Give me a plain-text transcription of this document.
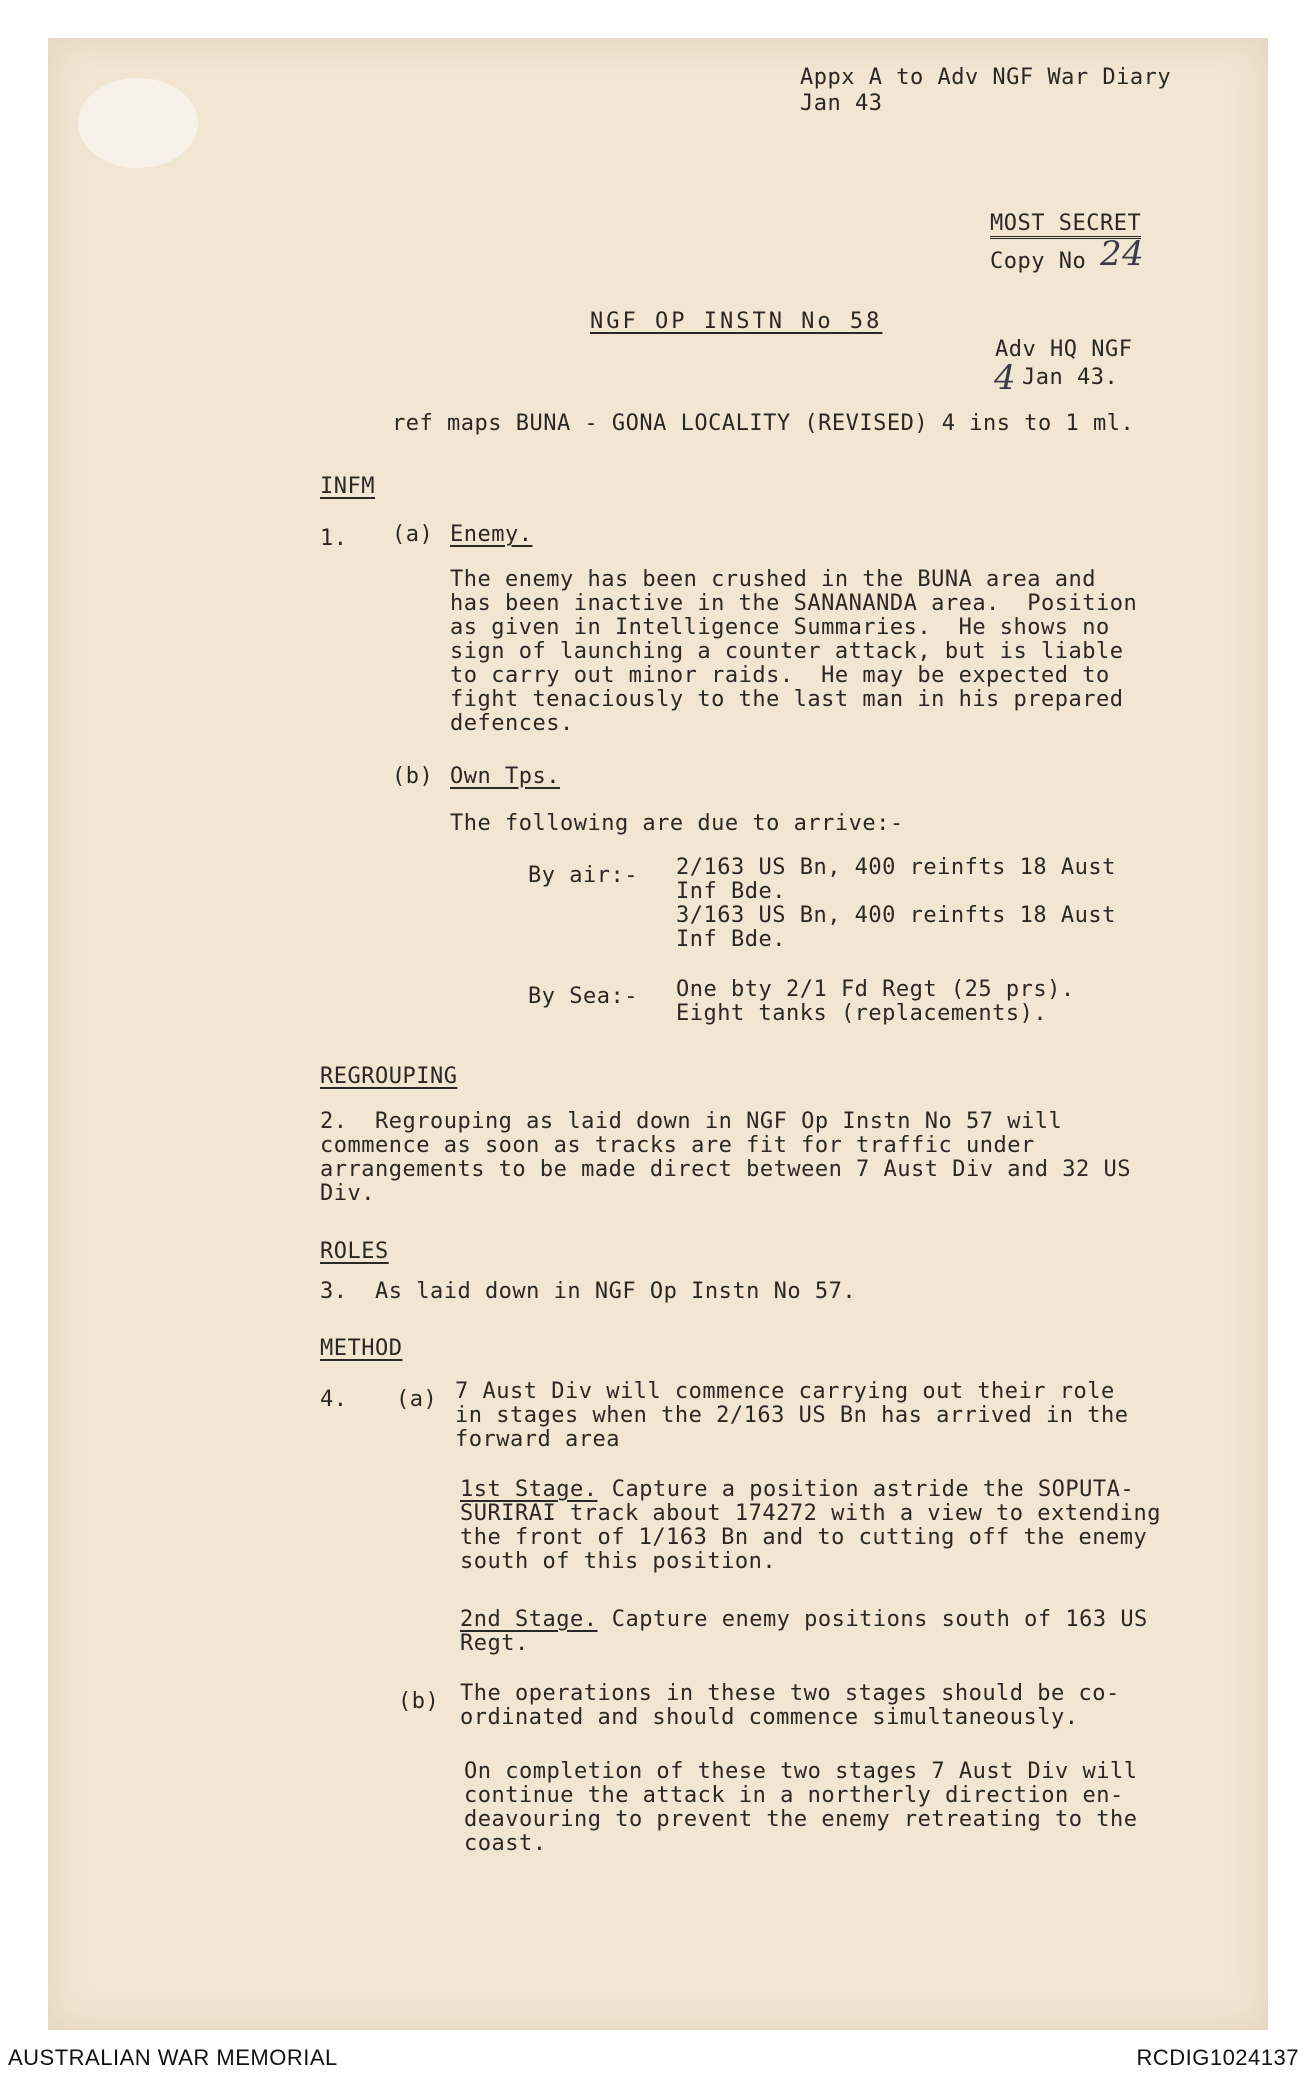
Appx A to Adv NGF War Diary
Jan 43
MOST SECRET
Copy No 24
NGF OP INSTN No 58
Adv HQ NGF
4 Jan 43.
ref maps BUNA - GONA LOCALITY (REVISED) 4 ins to 1 ml.
INFM
1. (a) Enemy.
The enemy has been crushed in the BUNA area and
has been inactive in the SANANANDA area.  Position
as given in Intelligence Summaries.  He shows no
sign of launching a counter attack, but is liable
to carry out minor raids.  He may be expected to
fight tenaciously to the last man in his prepared
defences.
(b) Own Tps.
The following are due to arrive:-
By air:- 2/163 US Bn, 400 reinfts 18 Aust
Inf Bde.
3/163 US Bn, 400 reinfts 18 Aust
Inf Bde.
By Sea:- One bty 2/1 Fd Regt (25 prs).
Eight tanks (replacements).
REGROUPING
2.  Regrouping as laid down in NGF Op Instn No 57 will
commence as soon as tracks are fit for traffic under
arrangements to be made direct between 7 Aust Div and 32 US
Div.
ROLES
3.  As laid down in NGF Op Instn No 57.
METHOD
4. (a) 7 Aust Div will commence carrying out their role
in stages when the 2/163 US Bn has arrived in the
forward area
1st Stage. Capture a position astride the SOPUTA-
SURIRAI track about 174272 with a view to extending
the front of 1/163 Bn and to cutting off the enemy
south of this position.
2nd Stage. Capture enemy positions south of 163 US
Regt.
(b) The operations in these two stages should be co-
ordinated and should commence simultaneously.
On completion of these two stages 7 Aust Div will
continue the attack in a northerly direction en-
deavouring to prevent the enemy retreating to the
coast.
AUSTRALIAN WAR MEMORIAL	RCDIG1024137
